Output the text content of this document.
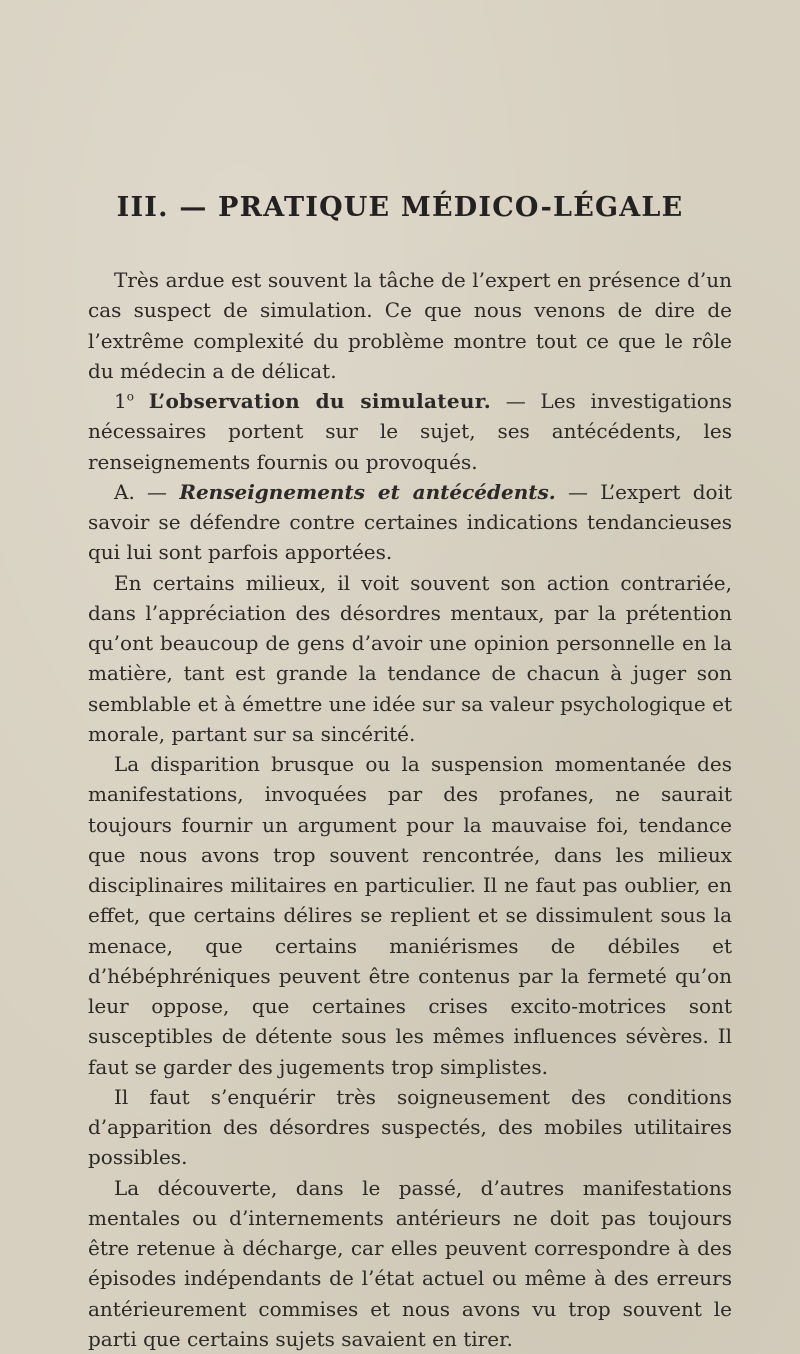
III. — PRATIQUE MÉDICO-LÉGALE

Très ardue est souvent la tâche de l’expert en présence d’un cas suspect de simulation. Ce que nous venons de dire de l’extrême complexité du problème montre tout ce que le rôle du médecin a de délicat.

1$^o$ L’observation du simulateur. — Les investigations nécessaires portent sur le sujet, ses antécédents, les renseignements fournis ou provoqués.

A. — Renseignements et antécédents. — L’expert doit savoir se défendre contre certaines indications tendancieuses qui lui sont parfois apportées.

En certains milieux, il voit souvent son action contrariée, dans l’appréciation des désordres mentaux, par la prétention qu’ont beaucoup de gens d’avoir une opinion personnelle en la matière, tant est grande la tendance de chacun à juger son semblable et à émettre une idée sur sa valeur psychologique et morale, partant sur sa sincérité.

La disparition brusque ou la suspension momentanée des manifestations, invoquées par des profanes, ne saurait toujours fournir un argument pour la mauvaise foi, tendance que nous avons trop souvent rencontrée, dans les milieux disciplinaires militaires en particulier. Il ne faut pas oublier, en effet, que certains délires se replient et se dissimulent sous la menace, que certains maniérismes de débiles et d’hébéphréniques peuvent être contenus par la fermeté qu’on leur oppose, que certaines crises excito-motrices sont susceptibles de détente sous les mêmes influences sévères. Il faut se garder des jugements trop simplistes.

Il faut s’enquérir très soigneusement des conditions d’apparition des désordres suspectés, des mobiles utilitaires possibles.

La découverte, dans le passé, d’autres manifestations mentales ou d’internements antérieurs ne doit pas toujours être retenue à décharge, car elles peuvent correspondre à des épisodes indépendants de l’état actuel ou même à des erreurs antérieurement commises et nous avons vu trop souvent le parti que certains sujets savaient en tirer.
